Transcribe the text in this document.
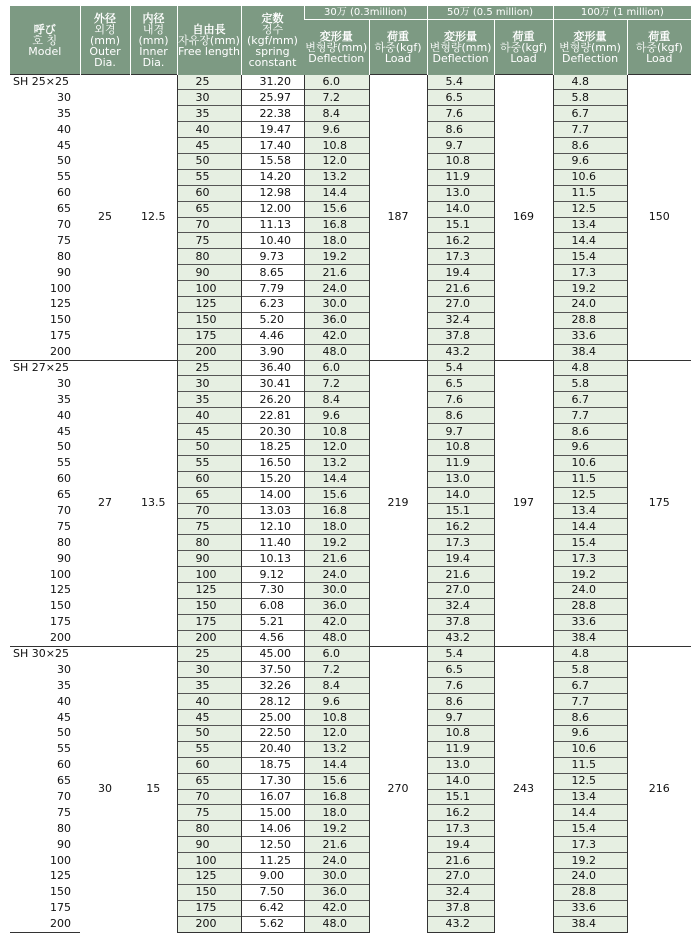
呼び
호 칭
Model	外径
외경(mm)
Outer
Dia.	内径
내경(mm)
Inner
Dia.	自由長
자유장(mm)
Free length	定数
정수(kgf/mm)
spring
constant	30万 (0.3million)		50万 (0.5 million)		100万 (1 million)	

					変形量
변형량(mm)
Deflection	荷重
하중(kgf)
Load	変形量
변형량(mm)
Deflection	荷重
하중(kgf)
Load	変形量
변형량(mm)
Deflection	荷重
하중(kgf)
Load

SH 25×25	25	12.5	25	31.20	6.0	187	5.4	169	4.8	150
30			30	25.97	7.2		6.5		5.8	
35			35	22.38	8.4		7.6		6.7	
40			40	19.47	9.6		8.6		7.7	
45			45	17.40	10.8		9.7		8.6	
50			50	15.58	12.0		10.8		9.6	
55			55	14.20	13.2		11.9		10.6	
60			60	12.98	14.4		13.0		11.5	
65			65	12.00	15.6		14.0		12.5	
70			70	11.13	16.8		15.1		13.4	
75			75	10.40	18.0		16.2		14.4	
80			80	9.73	19.2		17.3		15.4	
90			90	8.65	21.6		19.4		17.3	
100			100	7.79	24.0		21.6		19.2	
125			125	6.23	30.0		27.0		24.0	
150			150	5.20	36.0		32.4		28.8	
175			175	4.46	42.0		37.8		33.6	
200			200	3.90	48.0		43.2		38.4	
SH 27×25	27	13.5	25	36.40	6.0	219	5.4	197	4.8	175
30			30	30.41	7.2		6.5		5.8	
35			35	26.20	8.4		7.6		6.7	
40			40	22.81	9.6		8.6		7.7	
45			45	20.30	10.8		9.7		8.6	
50			50	18.25	12.0		10.8		9.6	
55			55	16.50	13.2		11.9		10.6	
60			60	15.20	14.4		13.0		11.5	
65			65	14.00	15.6		14.0		12.5	
70			70	13.03	16.8		15.1		13.4	
75			75	12.10	18.0		16.2		14.4	
80			80	11.40	19.2		17.3		15.4	
90			90	10.13	21.6		19.4		17.3	
100			100	9.12	24.0		21.6		19.2	
125			125	7.30	30.0		27.0		24.0	
150			150	6.08	36.0		32.4		28.8	
175			175	5.21	42.0		37.8		33.6	
200			200	4.56	48.0		43.2		38.4	
SH 30×25	30	15	25	45.00	6.0	270	5.4	243	4.8	216
30			30	37.50	7.2		6.5		5.8	
35			35	32.26	8.4		7.6		6.7	
40			40	28.12	9.6		8.6		7.7	
45			45	25.00	10.8		9.7		8.6	
50			50	22.50	12.0		10.8		9.6	
55			55	20.40	13.2		11.9		10.6	
60			60	18.75	14.4		13.0		11.5	
65			65	17.30	15.6		14.0		12.5	
70			70	16.07	16.8		15.1		13.4	
75			75	15.00	18.0		16.2		14.4	
80			80	14.06	19.2		17.3		15.4	
90			90	12.50	21.6		19.4		17.3	
100			100	11.25	24.0		21.6		19.2	
125			125	9.00	30.0		27.0		24.0	
150			150	7.50	36.0		32.4		28.8	
175			175	6.42	42.0		37.8		33.6	
200			200	5.62	48.0		43.2		38.4	
